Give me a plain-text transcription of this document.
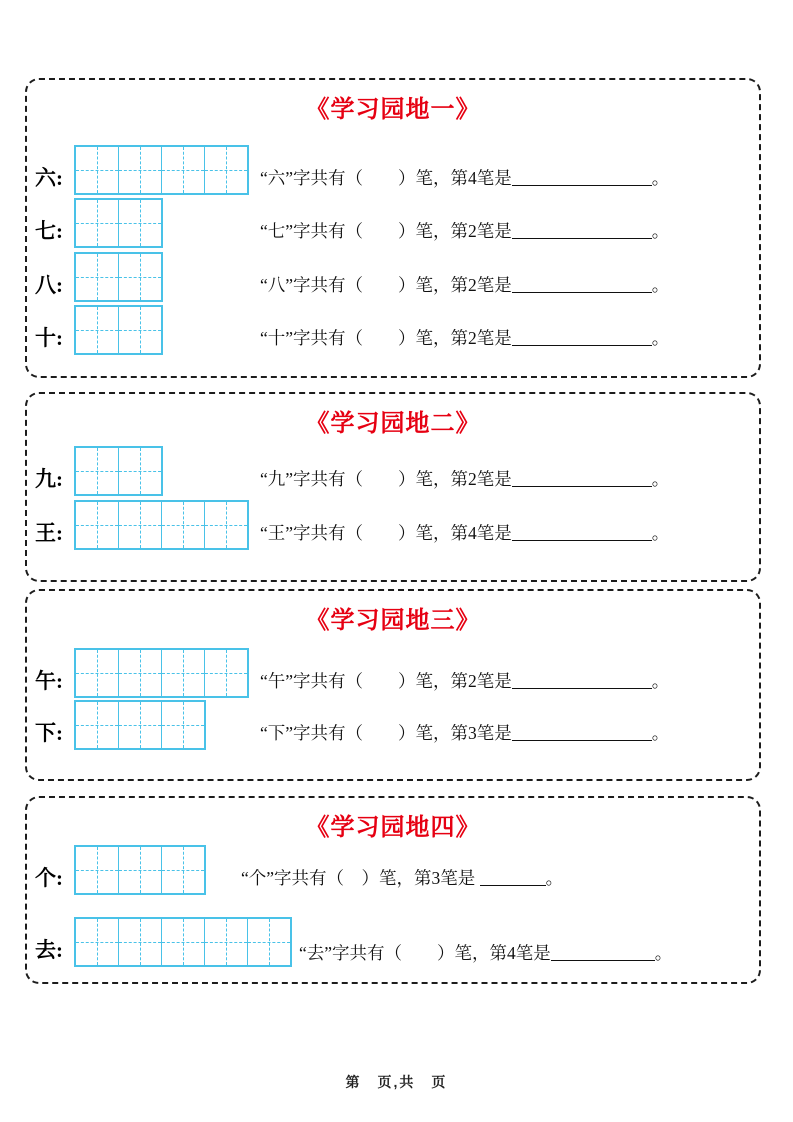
《学习园地一》
六:	“六”字共有（　　）笔，第4笔是	。
七:	“七”字共有（　　）笔，第2笔是	。
八:	“八”字共有（　　）笔，第2笔是	。
十:	“十”字共有（　　）笔，第2笔是	。
《学习园地二》
九:	“九”字共有（　　）笔，第2笔是	。
王:	“王”字共有（　　）笔，第4笔是	。
《学习园地三》
午:	“午”字共有（　　）笔，第2笔是	。
下:	“下”字共有（　　）笔，第3笔是	。
《学习园地四》
个:	“个”字共有（　）笔，第3笔是	。
去:	“去”字共有（　　）笔，第4笔是	。
第　页,共　页
